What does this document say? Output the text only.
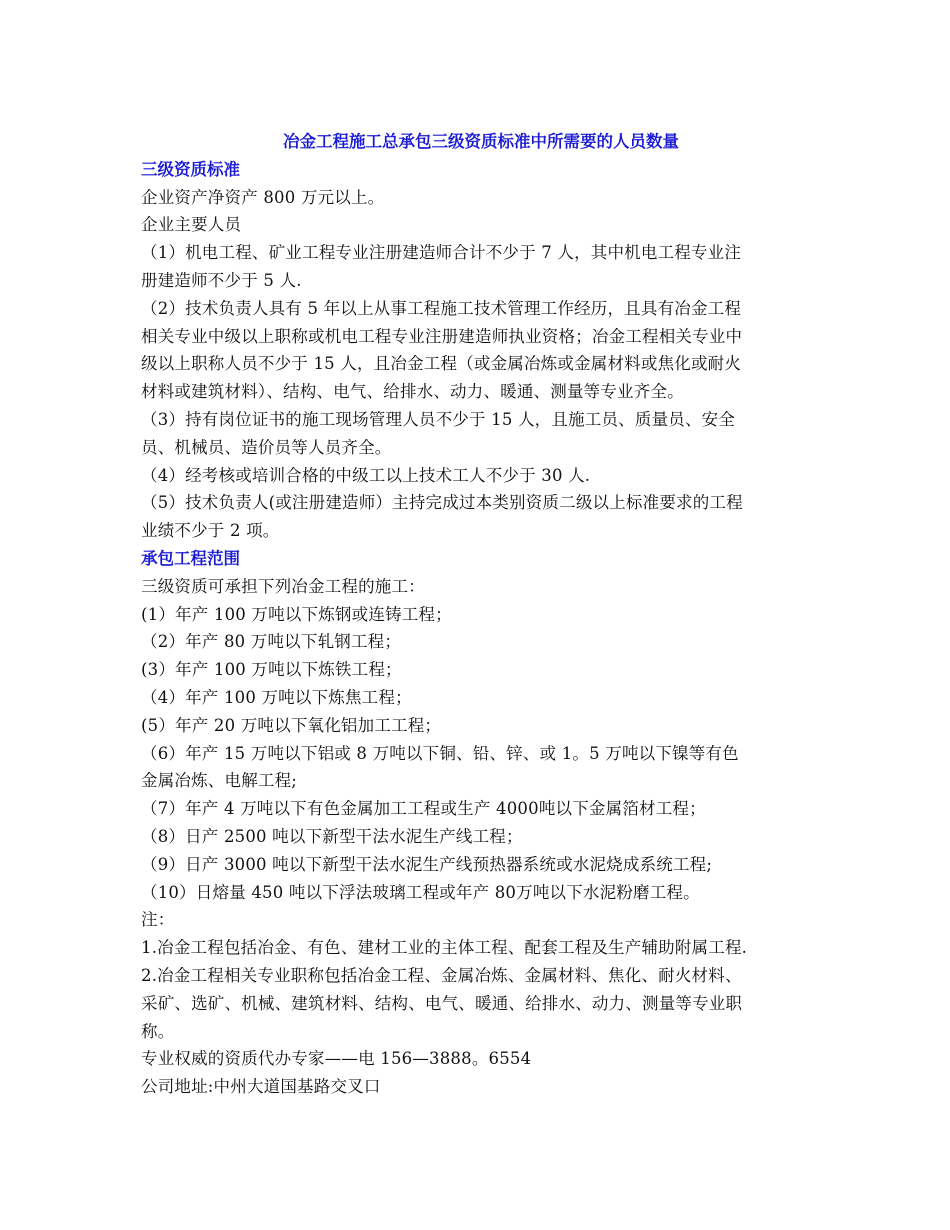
冶金工程施工总承包三级资质标准中所需要的人员数量
三级资质标准
企业资产净资产 800 万元以上。
企业主要人员
（1）机电工程、矿业工程专业注册建造师合计不少于 7 人，其中机电工程专业注
册建造师不少于 5 人.
（2）技术负责人具有 5 年以上从事工程施工技术管理工作经历，且具有冶金工程
相关专业中级以上职称或机电工程专业注册建造师执业资格；冶金工程相关专业中
级以上职称人员不少于 15 人，且冶金工程（或金属冶炼或金属材料或焦化或耐火
材料或建筑材料）、结构、电气、给排水、动力、暖通、测量等专业齐全。
（3）持有岗位证书的施工现场管理人员不少于 15 人，且施工员、质量员、安全
员、机械员、造价员等人员齐全。
（4）经考核或培训合格的中级工以上技术工人不少于 30 人.
（5）技术负责人(或注册建造师）主持完成过本类别资质二级以上标准要求的工程
业绩不少于 2 项。
承包工程范围
三级资质可承担下列冶金工程的施工：
(1）年产 100 万吨以下炼钢或连铸工程；
（2）年产 80 万吨以下轧钢工程；
(3）年产 100 万吨以下炼铁工程；
（4）年产 100 万吨以下炼焦工程；
(5）年产 20 万吨以下氧化铝加工工程；
（6）年产 15 万吨以下铝或 8 万吨以下铜、铅、锌、或 1。5 万吨以下镍等有色
金属冶炼、电解工程;
（7）年产 4 万吨以下有色金属加工工程或生产 4000吨以下金属箔材工程；
（8）日产 2500 吨以下新型干法水泥生产线工程；
（9）日产 3000 吨以下新型干法水泥生产线预热器系统或水泥烧成系统工程;
（10）日熔量 450 吨以下浮法玻璃工程或年产 80万吨以下水泥粉磨工程。
注：
1.冶金工程包括冶金、有色、建材工业的主体工程、配套工程及生产辅助附属工程.
2.冶金工程相关专业职称包括冶金工程、金属冶炼、金属材料、焦化、耐火材料、
采矿、选矿、机械、建筑材料、结构、电气、暖通、给排水、动力、测量等专业职
称。
专业权威的资质代办专家——电 156—3888。6554
公司地址:中州大道国基路交叉口
